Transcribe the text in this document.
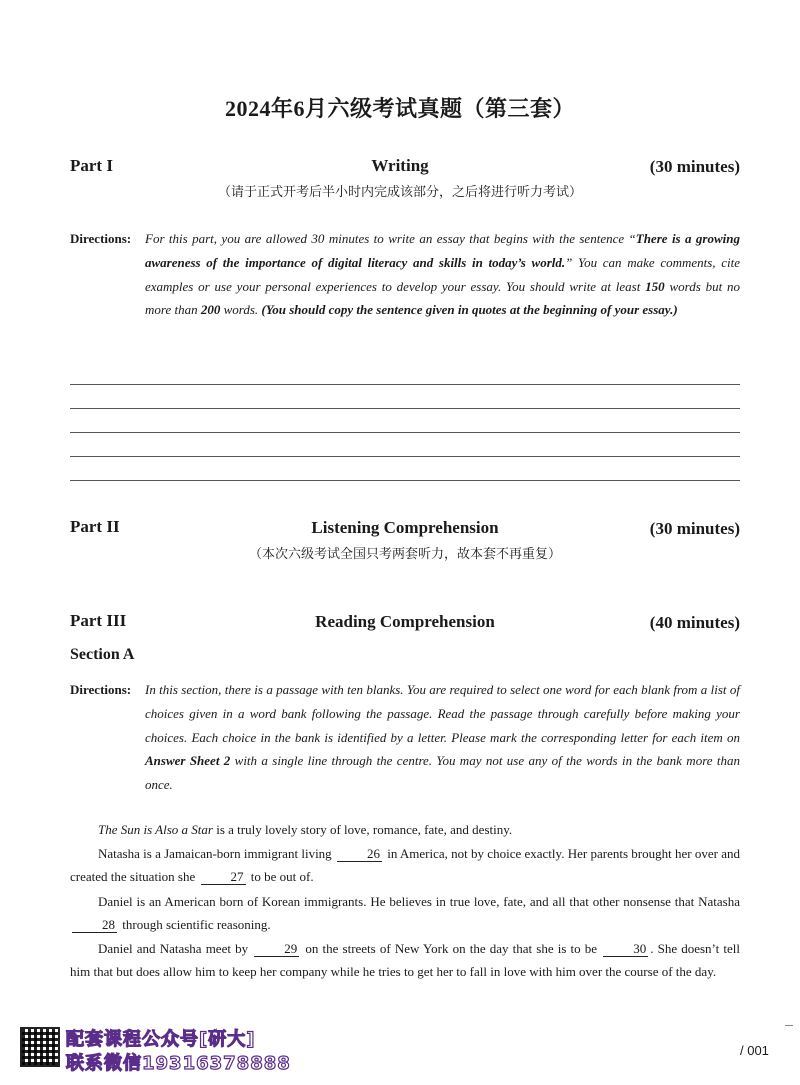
2024年6月六级考试真题（第三套）
Part I	Writing	(30 minutes)
（请于正式开考后半小时内完成该部分，之后将进行听力考试）
Directions: For this part, you are allowed 30 minutes to write an essay that begins with the sentence “There is a growing awareness of the importance of digital literacy and skills in today’s world.” You can make comments, cite examples or use your personal experiences to develop your essay. You should write at least 150 words but no more than 200 words. (You should copy the sentence given in quotes at the beginning of your essay.)
Part II	Listening Comprehension	(30 minutes)
（本次六级考试全国只考两套听力，故本套不再重复）
Part III	Reading Comprehension	(40 minutes)
Section A
Directions: In this section, there is a passage with ten blanks. You are required to select one word for each blank from a list of choices given in a word bank following the passage. Read the passage through carefully before making your choices. Each choice in the bank is identified by a letter. Please mark the corresponding letter for each item on Answer Sheet 2 with a single line through the centre. You may not use any of the words in the bank more than once.

The Sun is Also a Star is a truly lovely story of love, romance, fate, and destiny.

Natasha is a Jamaican-born immigrant living 26 in America, not by choice exactly. Her parents brought her over and created the situation she 27 to be out of.

Daniel is an American born of Korean immigrants. He believes in true love, fate, and all that other nonsense that Natasha 28 through scientific reasoning.

Daniel and Natasha meet by 29 on the streets of New York on the day that she is to be 30 . She doesn’t tell him that but does allow him to keep her company while he tries to get her to fall in love with him over the course of the day.

配套课程公众号[研大]
联系微信19316378888
/ 001
